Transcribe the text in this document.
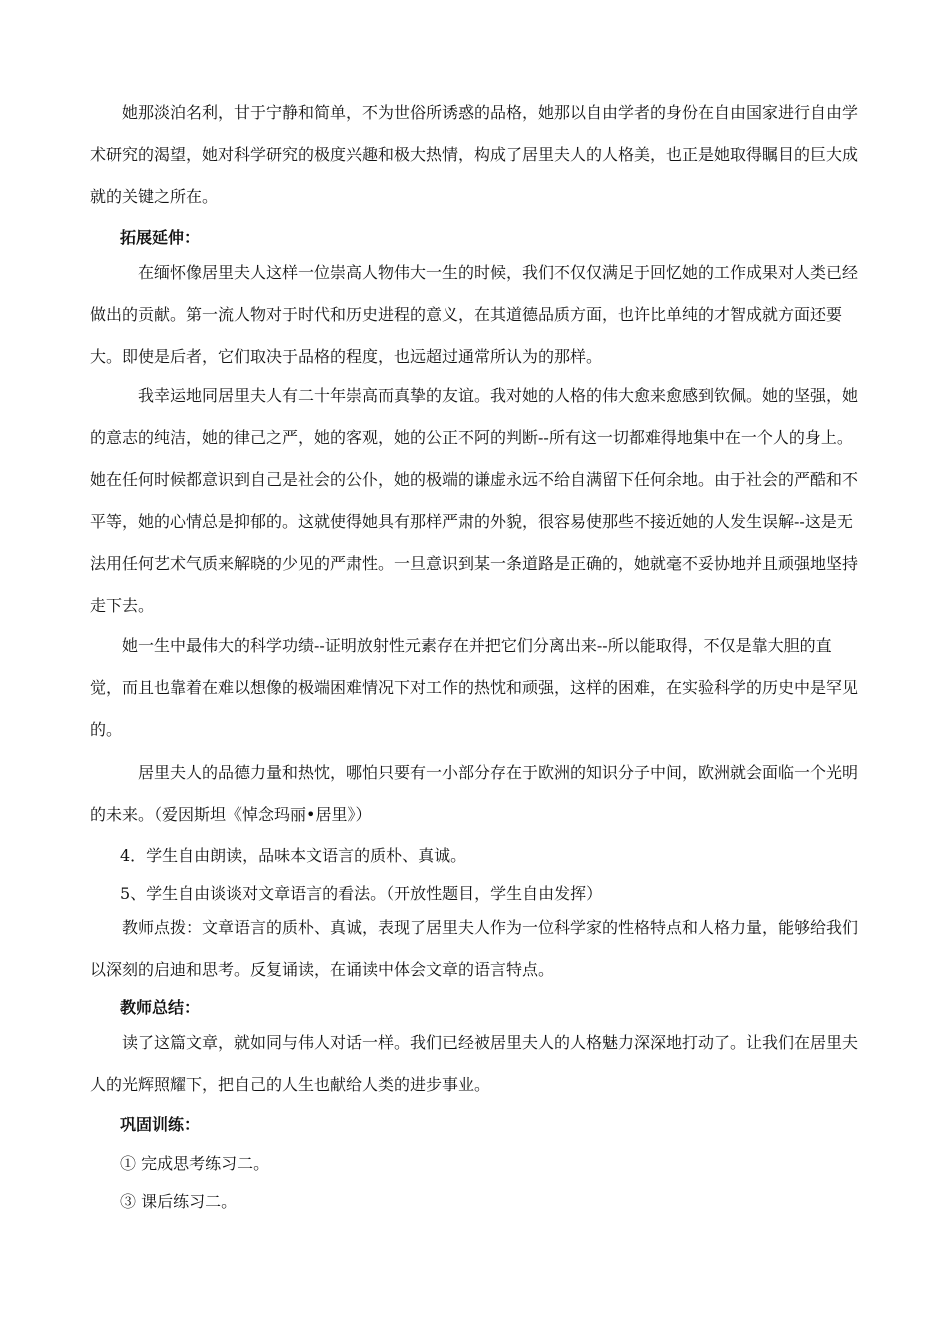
　　她那淡泊名利，甘于宁静和简单，不为世俗所诱惑的品格，她那以自由学者的身份在自由国家进行自由学术研究的渴望，她对科学研究的极度兴趣和极大热情，构成了居里夫人的人格美，也正是她取得瞩目的巨大成就的关键之所在。

拓展延伸：

　　　在缅怀像居里夫人这样一位崇高人物伟大一生的时候，我们不仅仅满足于回忆她的工作成果对人类已经做出的贡献。第一流人物对于时代和历史进程的意义，在其道德品质方面，也许比单纯的才智成就方面还要大。即使是后者，它们取决于品格的程度，也远超过通常所认为的那样。

　　　我幸运地同居里夫人有二十年崇高而真挚的友谊。我对她的人格的伟大愈来愈感到钦佩。她的坚强，她的意志的纯洁，她的律己之严，她的客观，她的公正不阿的判断--所有这一切都难得地集中在一个人的身上。她在任何时候都意识到自己是社会的公仆，她的极端的谦虚永远不给自满留下任何余地。由于社会的严酷和不平等，她的心情总是抑郁的。这就使得她具有那样严肃的外貌，很容易使那些不接近她的人发生误解--这是无法用任何艺术气质来解晓的少见的严肃性。一旦意识到某一条道路是正确的，她就毫不妥协地并且顽强地坚持走下去。

　　她一生中最伟大的科学功绩--证明放射性元素存在并把它们分离出来--所以能取得，不仅是靠大胆的直觉，而且也靠着在难以想像的极端困难情况下对工作的热忱和顽强，这样的困难，在实验科学的历史中是罕见的。

　　　居里夫人的品德力量和热忱，哪怕只要有一小部分存在于欧洲的知识分子中间，欧洲就会面临一个光明的未来。（爱因斯坦《悼念玛丽•居里》）

4．学生自由朗读，品味本文语言的质朴、真诚。

5、学生自由谈谈对文章语言的看法。（开放性题目，学生自由发挥）

　　教师点拨：文章语言的质朴、真诚，表现了居里夫人作为一位科学家的性格特点和人格力量，能够给我们以深刻的启迪和思考。反复诵读，在诵读中体会文章的语言特点。

教师总结：

　　读了这篇文章，就如同与伟人对话一样。我们已经被居里夫人的人格魅力深深地打动了。让我们在居里夫人的光辉照耀下，把自己的人生也献给人类的进步事业。

巩固训练：

① 完成思考练习二。

③ 课后练习二。
